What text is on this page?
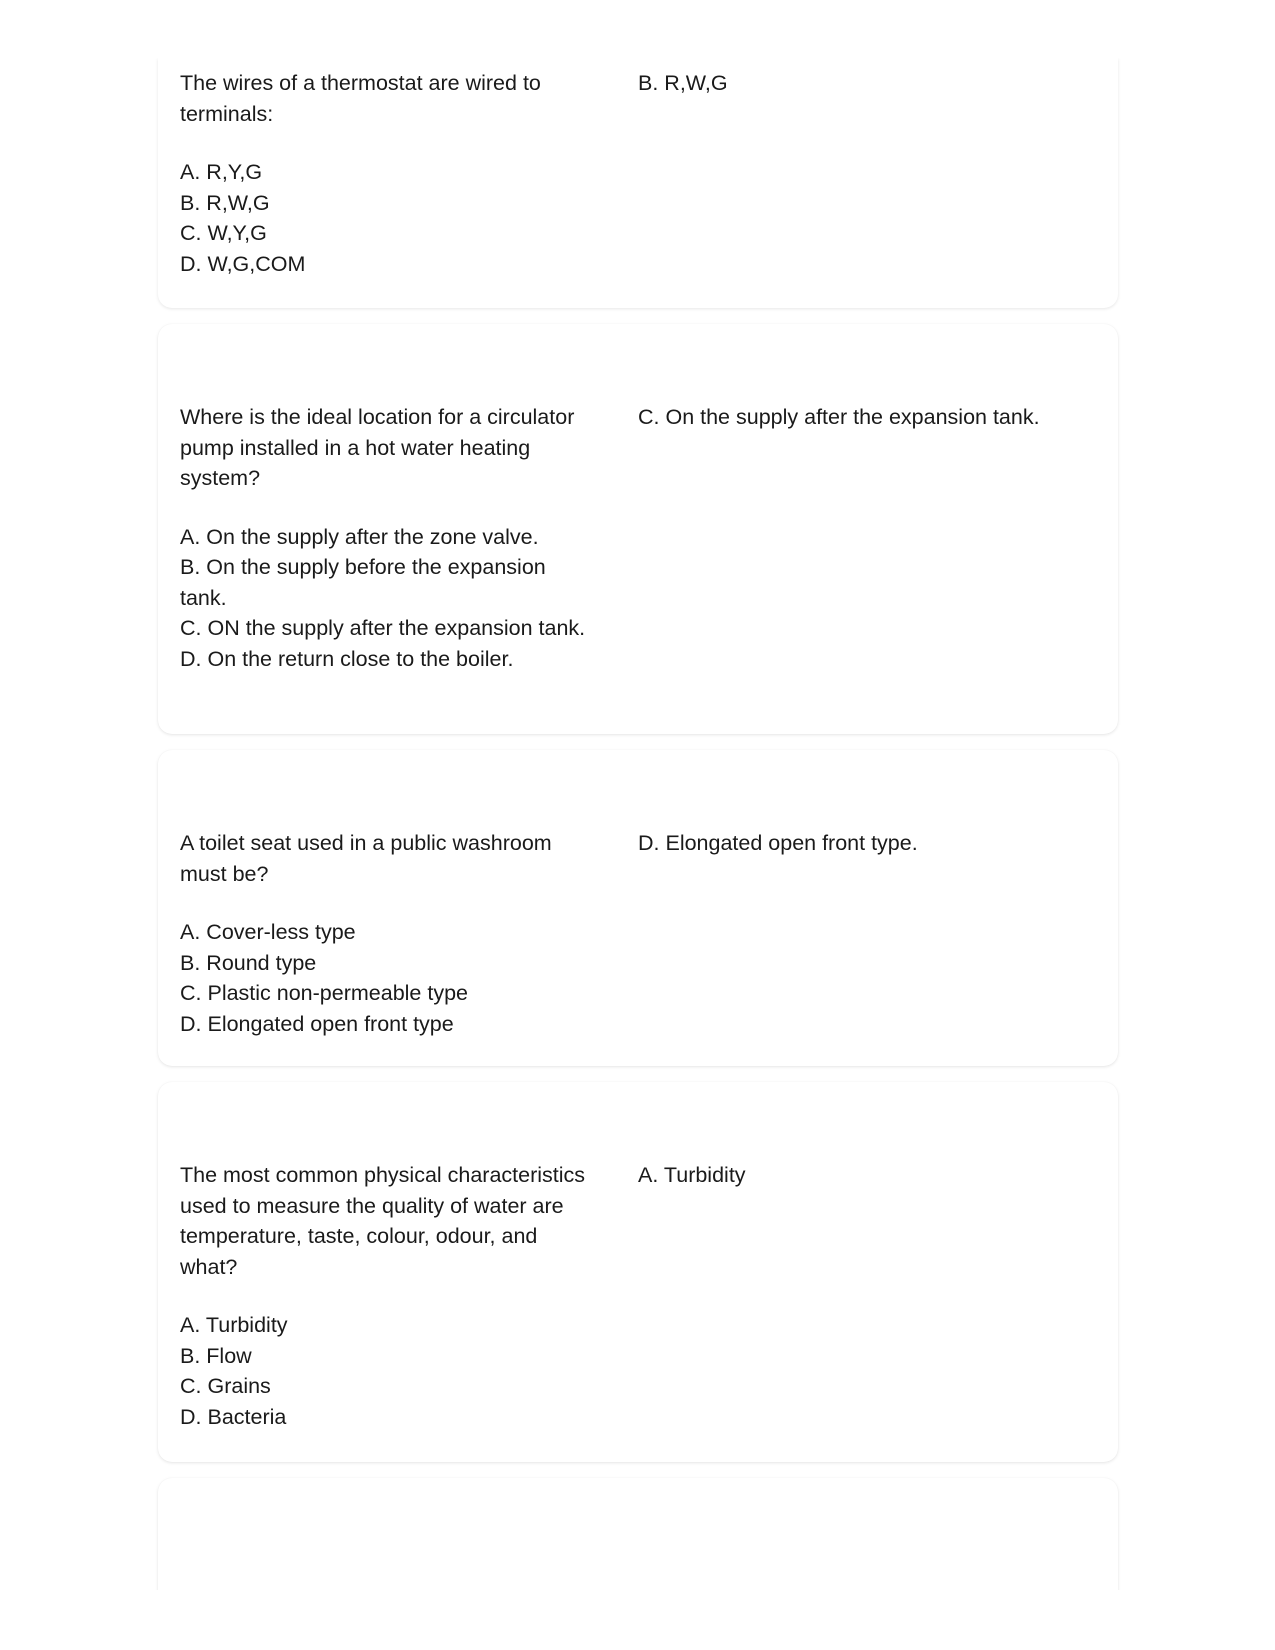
The wires of a thermostat are wired to terminals:

A. R,Y,G

B. R,W,G

C. W,Y,G

D. W,G,COM

B. R,W,G

Where is the ideal location for a circulator pump installed in a hot water heating system?

A. On the supply after the zone valve.

B. On the supply before the expansion tank.

C. ON the supply after the expansion tank.

D. On the return close to the boiler.

C. On the supply after the expansion tank.

A toilet seat used in a public washroom must be?

A. Cover-less type

B. Round type

C. Plastic non-permeable type

D. Elongated open front type

D. Elongated open front type.

The most common physical characteristics used to measure the quality of water are temperature, taste, colour, odour, and what?

A. Turbidity

B. Flow

C. Grains

D. Bacteria

A. Turbidity
